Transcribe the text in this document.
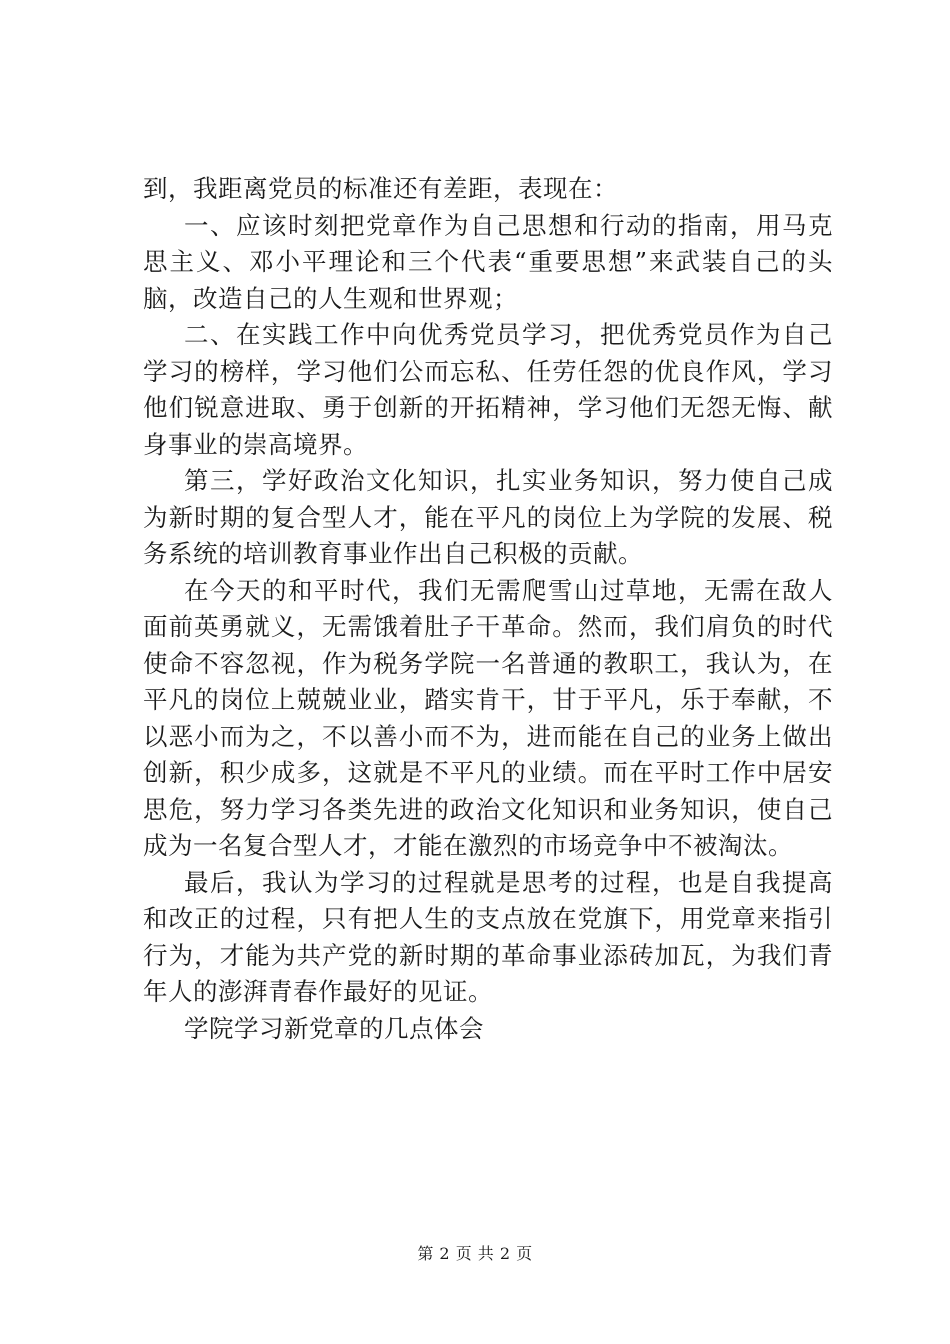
到，我距离党员的标准还有差距，表现在：
一、应该时刻把党章作为自己思想和行动的指南，用马克
思主义、邓小平理论和三个代表“重要思想”来武装自己的头
脑，改造自己的人生观和世界观；
二、在实践工作中向优秀党员学习，把优秀党员作为自己
学习的榜样，学习他们公而忘私、任劳任怨的优良作风，学习
他们锐意进取、勇于创新的开拓精神，学习他们无怨无悔、献
身事业的崇高境界。
第三，学好政治文化知识，扎实业务知识，努力使自己成
为新时期的复合型人才，能在平凡的岗位上为学院的发展、税
务系统的培训教育事业作出自己积极的贡献。
在今天的和平时代，我们无需爬雪山过草地，无需在敌人
面前英勇就义，无需饿着肚子干革命。然而，我们肩负的时代
使命不容忽视，作为税务学院一名普通的教职工，我认为，在
平凡的岗位上兢兢业业，踏实肯干，甘于平凡，乐于奉献，不
以恶小而为之，不以善小而不为，进而能在自己的业务上做出
创新，积少成多，这就是不平凡的业绩。而在平时工作中居安
思危，努力学习各类先进的政治文化知识和业务知识，使自己
成为一名复合型人才，才能在激烈的市场竞争中不被淘汰。
最后，我认为学习的过程就是思考的过程，也是自我提高
和改正的过程，只有把人生的支点放在党旗下，用党章来指引
行为，才能为共产党的新时期的革命事业添砖加瓦，为我们青
年人的澎湃青春作最好的见证。
学院学习新党章的几点体会
第 2 页 共 2 页
